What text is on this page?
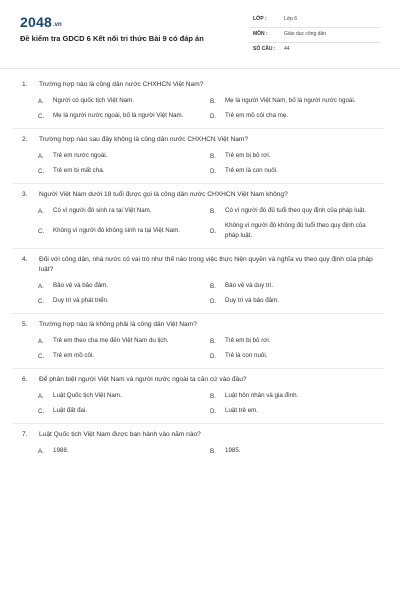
2048.vn
Đề kiểm tra GDCD 6 Kết nối tri thức Bài 9 có đáp án
LỚP :	Lớp 6
MÔN :	Giáo dục công dân
SỐ CÂU : 44
1. Trường hợp nào là công dân nước CHXHCN Việt Nam?
A.	Người có quốc tịch Việt Nam.	B.	Mẹ là người Việt Nam, bố là người nước ngoài.
C.	Mẹ là người nước ngoài, bố là người Việt Nam.	D.	Trẻ em mồ côi cha mẹ.
2. Trường hợp nào sau đây không là công dân nước CHXHCN Việt Nam?
A.	Trẻ em nước ngoài.	B.	Trẻ em bị bỏ rơi.
C.	Trẻ em bị mất cha.	D.	Trẻ em là con nuôi.
3. Người Việt Nam dưới 18 tuổi được gọi là công dân nước CHXHCN Việt Nam không?
A.	Có vì người đó sinh ra tại Việt Nam.	B.	Có vì người đó đủ tuổi theo quy định của pháp luật.
C.	Không vì người đó không sinh ra tại Việt Nam.	D.
Không vì người đó không đủ tuổi theo quy định của pháp luật.
4. Đối với công dân, nhà nước có vai trò như thế nào trong việc thực hiện quyền và nghĩa vụ theo quy định của pháp luật?
A.	Bảo vệ và bảo đảm.	B.	Bảo vệ và duy trì.
C.	Duy trì và phát triển.	D.	Duy trì và bảo đảm.
5. Trường hợp nào là không phải là công dân Việt Nam?
A.	Trẻ em theo cha mẹ đến Việt Nam du lịch.	B.	Trẻ em bị bỏ rơi.
C.	Trẻ em mồ côi.	D.	Trẻ là con nuôi.
6. Để phân biệt người Việt Nam và người nước ngoài ta căn cứ vào đâu?
A.	Luật Quốc tịch Việt Nam.	B.	Luật hôn nhân và gia đình.
C.	Luật đất đai.	D.	Luật trẻ em.
7. Luật Quốc tịch Việt Nam được ban hành vào năm nào?
A.	1988.	B.	1985.
